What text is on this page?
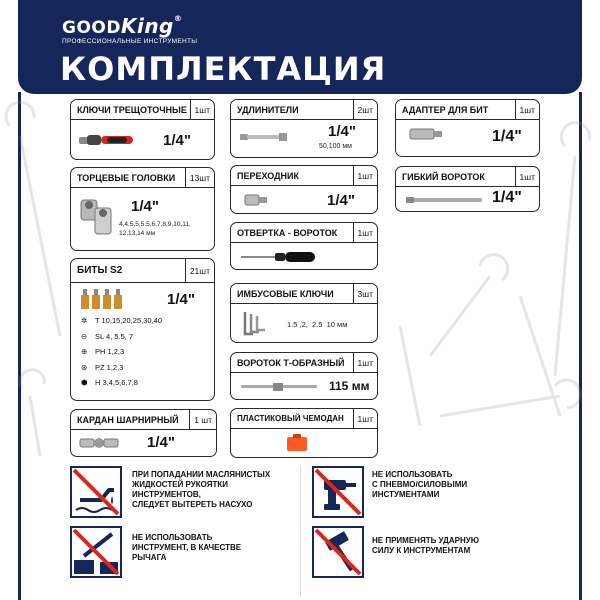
GOODKing®
ПРОФЕССИОНАЛЬНЫЕ ИНСТРУМЕНТЫ
КОМПЛЕКТАЦИЯ
КЛЮЧИ ТРЕЩОТОЧНЫЕ 1шт
1/4"
ТОРЦЕВЫЕ ГОЛОВКИ	13шт
1/4"
4,4.5,5,5.5,6,7,8,9,10,11,
12,13,14 мм
БИТЫ S2	21шт
1/4"
✲	T 10,15,20,25,30,40
⊖	SL 4, 5.5, 7
⊕	PH 1,2,3
⊛	PZ 1,2,3
⬢ H 3,4,5,6,7,8
КАРДАН ШАРНИРНЫЙ	1 шт
1/4"
УДЛИНИТЕЛИ	2шт
1/4"
50,100 мм
ПЕРЕХОДНИК	1шт
1/4"
ОТВЕРТКА - ВОРОТОК	1шт
ИМБУСОВЫЕ КЛЮЧИ	3шт
1.5 ,2,  2.5  10 мм
ВОРОТОК Т-ОБРАЗНЫЙ	1шт
115 мм
ПЛАСТИКОВЫЙ ЧЕМОДАН	1шт
АДАПТЕР ДЛЯ БИТ	1шт
1/4"
ГИБКИЙ ВОРОТОК	1шт
1/4"
ПРИ ПОПАДАНИИ МАСЛЯНИСТЫХ
ЖИДКОСТЕЙ РУКОЯТКИ
ИНСТРУМЕНТОВ,
СЛЕДУЕТ ВЫТЕРЕТЬ НАСУХО
НЕ ИСПОЛЬЗОВАТЬ
С ПНЕВМО/СИЛОВЫМИ
ИНСТУМЕНТАМИ
НЕ ИСПОЛЬЗОВАТЬ
ИНСТРУМЕНТ, В КАЧЕСТВЕ
РЫЧАГА
НЕ ПРИМЕНЯТЬ УДАРНУЮ
СИЛУ К ИНСТРУМЕНТАМ
